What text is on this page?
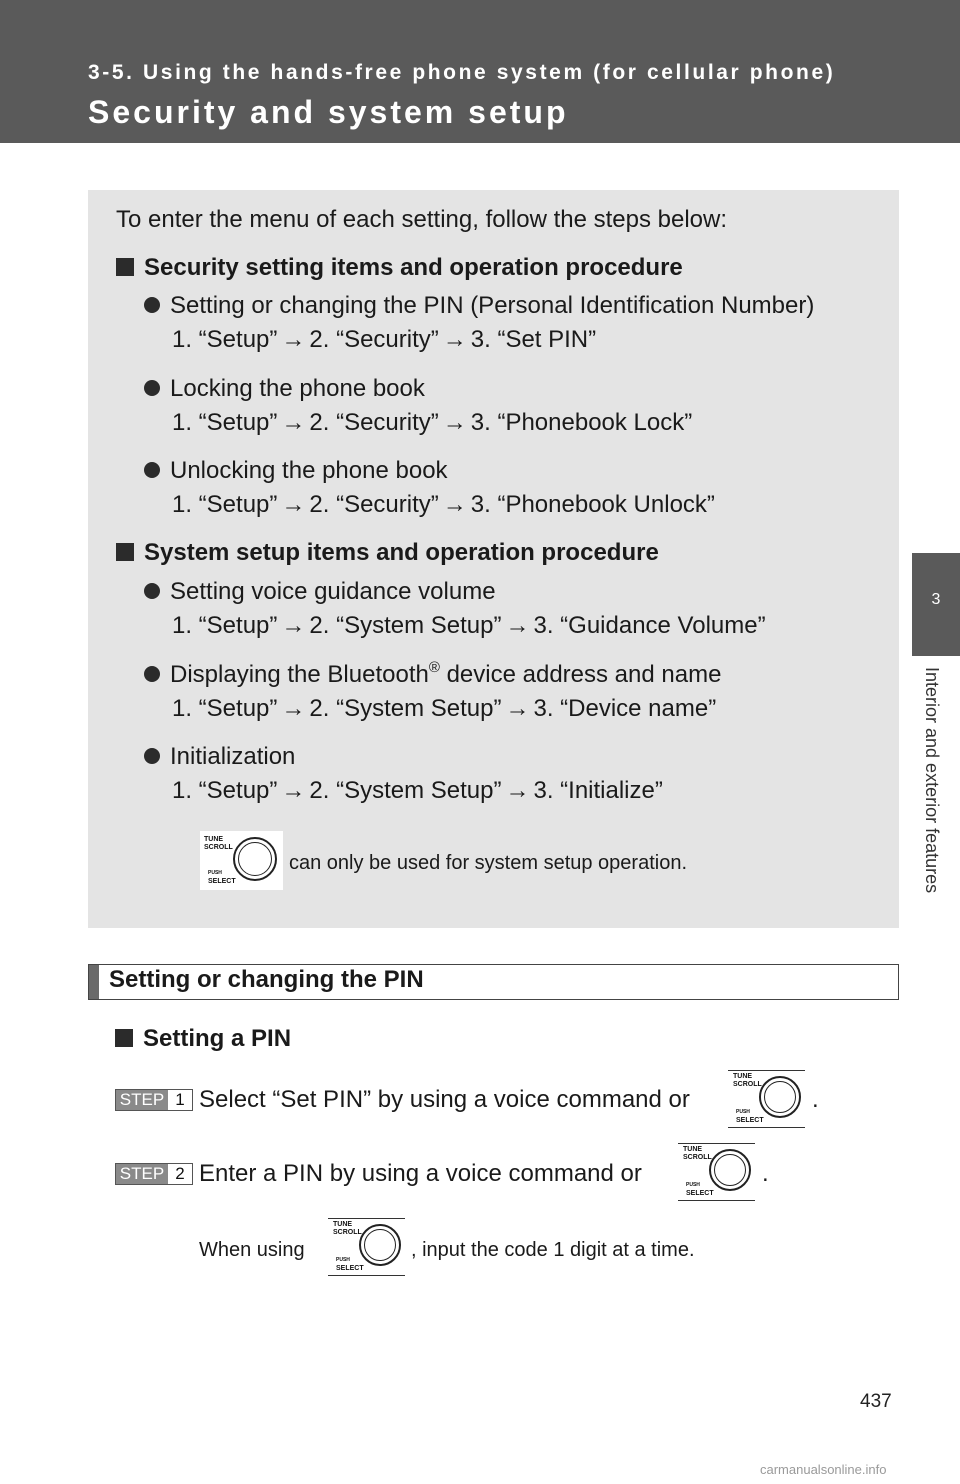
3-5. Using the hands-free phone system (for cellular phone)
Security and system setup
3
Interior and exterior features
To enter the menu of each setting, follow the steps below:
Security setting items and operation procedure
Setting or changing the PIN (Personal Identification Number)
1. “Setup” → 2. “Security” → 3. “Set PIN”
Locking the phone book
1. “Setup” → 2. “Security” → 3. “Phonebook Lock”
Unlocking the phone book
1. “Setup” → 2. “Security” → 3. “Phonebook Unlock”
System setup items and operation procedure
Setting voice guidance volume
1. “Setup” → 2. “System Setup” → 3. “Guidance Volume”
Displaying the Bluetooth® device address and name
1. “Setup” → 2. “System Setup” → 3. “Device name”
Initialization
1. “Setup” → 2. “System Setup” → 3. “Initialize”
TUNE
SCROLL
PUSH
SELECT
can only be used for system setup operation.
Setting or changing the PIN
Setting a PIN
STEP 1 Select “Set PIN” by using a voice command or
TUNE
SCROLL
PUSH
SELECT
.
STEP 2 Enter a PIN by using a voice command or
TUNE
SCROLL
PUSH
SELECT
.
When using
TUNE
SCROLL
PUSH
SELECT
, input the code 1 digit at a time.
437
carmanualsonline.info
